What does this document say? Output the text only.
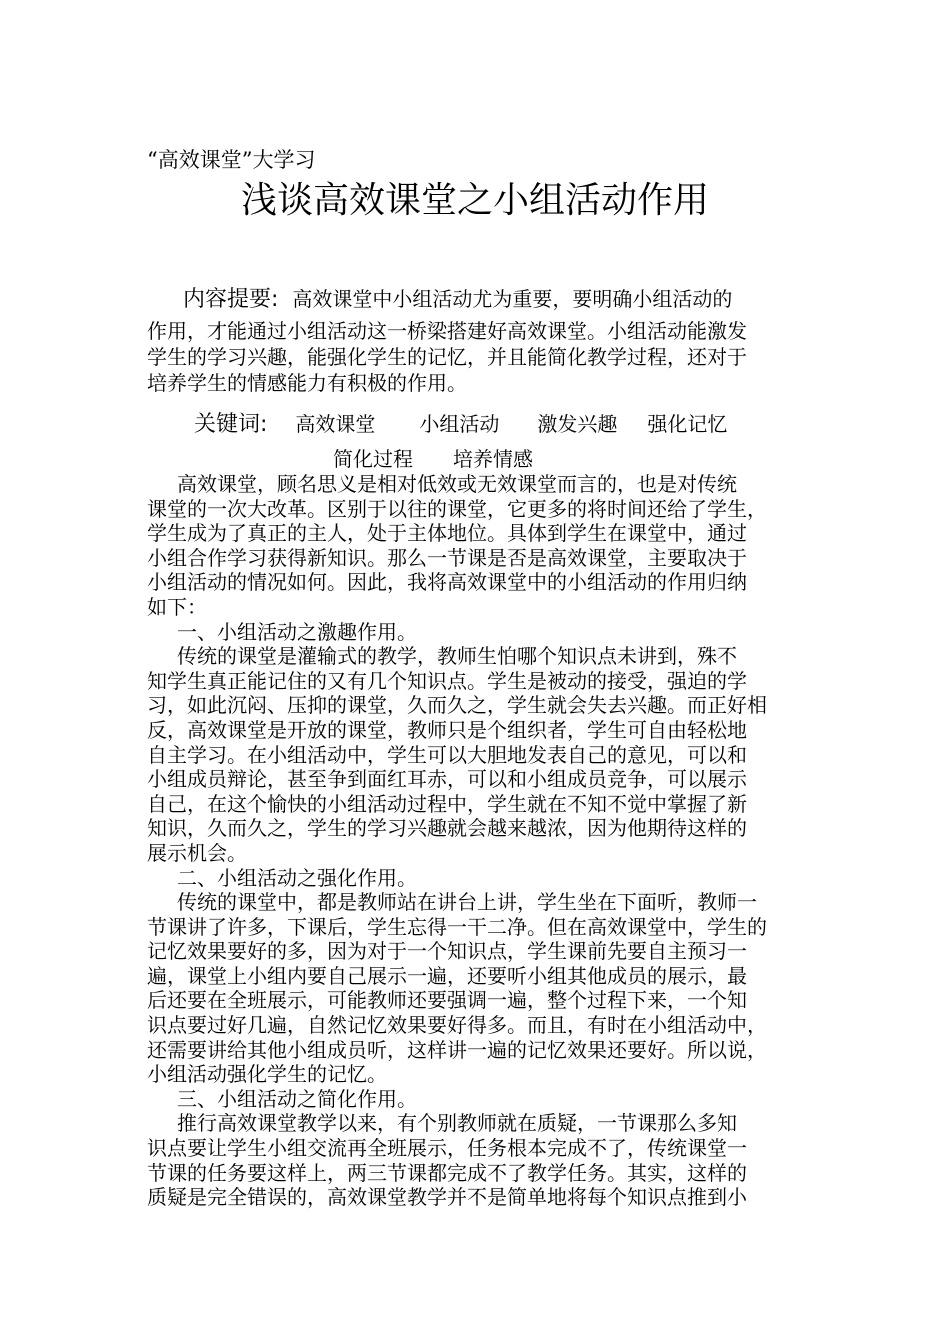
“高效课堂”大学习
浅谈高效课堂之小组活动作用
内容提要: 高效课堂中小组活动尤为重要，要明确小组活动的
作用，才能通过小组活动这一桥梁搭建好高效课堂。小组活动能激发
学生的学习兴趣，能强化学生的记忆，并且能简化教学过程，还对于
培养学生的情感能力有积极的作用。
关键词: 高效课堂 小组活动 激发兴趣 强化记忆
简化过程 培养情感
高效课堂，顾名思义是相对低效或无效课堂而言的，也是对传统
课堂的一次大改革。区别于以往的课堂，它更多的将时间还给了学生，
学生成为了真正的主人，处于主体地位。具体到学生在课堂中，通过
小组合作学习获得新知识。那么一节课是否是高效课堂，主要取决于
小组活动的情况如何。因此，我将高效课堂中的小组活动的作用归纳
如下：
一、小组活动之激趣作用。
传统的课堂是灌输式的教学，教师生怕哪个知识点未讲到，殊不
知学生真正能记住的又有几个知识点。学生是被动的接受，强迫的学
习，如此沉闷、压抑的课堂，久而久之，学生就会失去兴趣。而正好相
反，高效课堂是开放的课堂，教师只是个组织者，学生可自由轻松地
自主学习。在小组活动中，学生可以大胆地发表自己的意见，可以和
小组成员辩论，甚至争到面红耳赤，可以和小组成员竞争，可以展示
自己，在这个愉快的小组活动过程中，学生就在不知不觉中掌握了新
知识，久而久之，学生的学习兴趣就会越来越浓，因为他期待这样的
展示机会。
二、小组活动之强化作用。
传统的课堂中，都是教师站在讲台上讲，学生坐在下面听，教师一
节课讲了许多，下课后，学生忘得一干二净。但在高效课堂中，学生的
记忆效果要好的多，因为对于一个知识点，学生课前先要自主预习一
遍，课堂上小组内要自己展示一遍，还要听小组其他成员的展示，最
后还要在全班展示，可能教师还要强调一遍，整个过程下来，一个知
识点要过好几遍，自然记忆效果要好得多。而且，有时在小组活动中，
还需要讲给其他小组成员听，这样讲一遍的记忆效果还要好。所以说，
小组活动强化学生的记忆。
三、小组活动之简化作用。
推行高效课堂教学以来，有个别教师就在质疑，一节课那么多知
识点要让学生小组交流再全班展示，任务根本完成不了，传统课堂一
节课的任务要这样上，两三节课都完成不了教学任务。其实，这样的
质疑是完全错误的，高效课堂教学并不是简单地将每个知识点推到小
